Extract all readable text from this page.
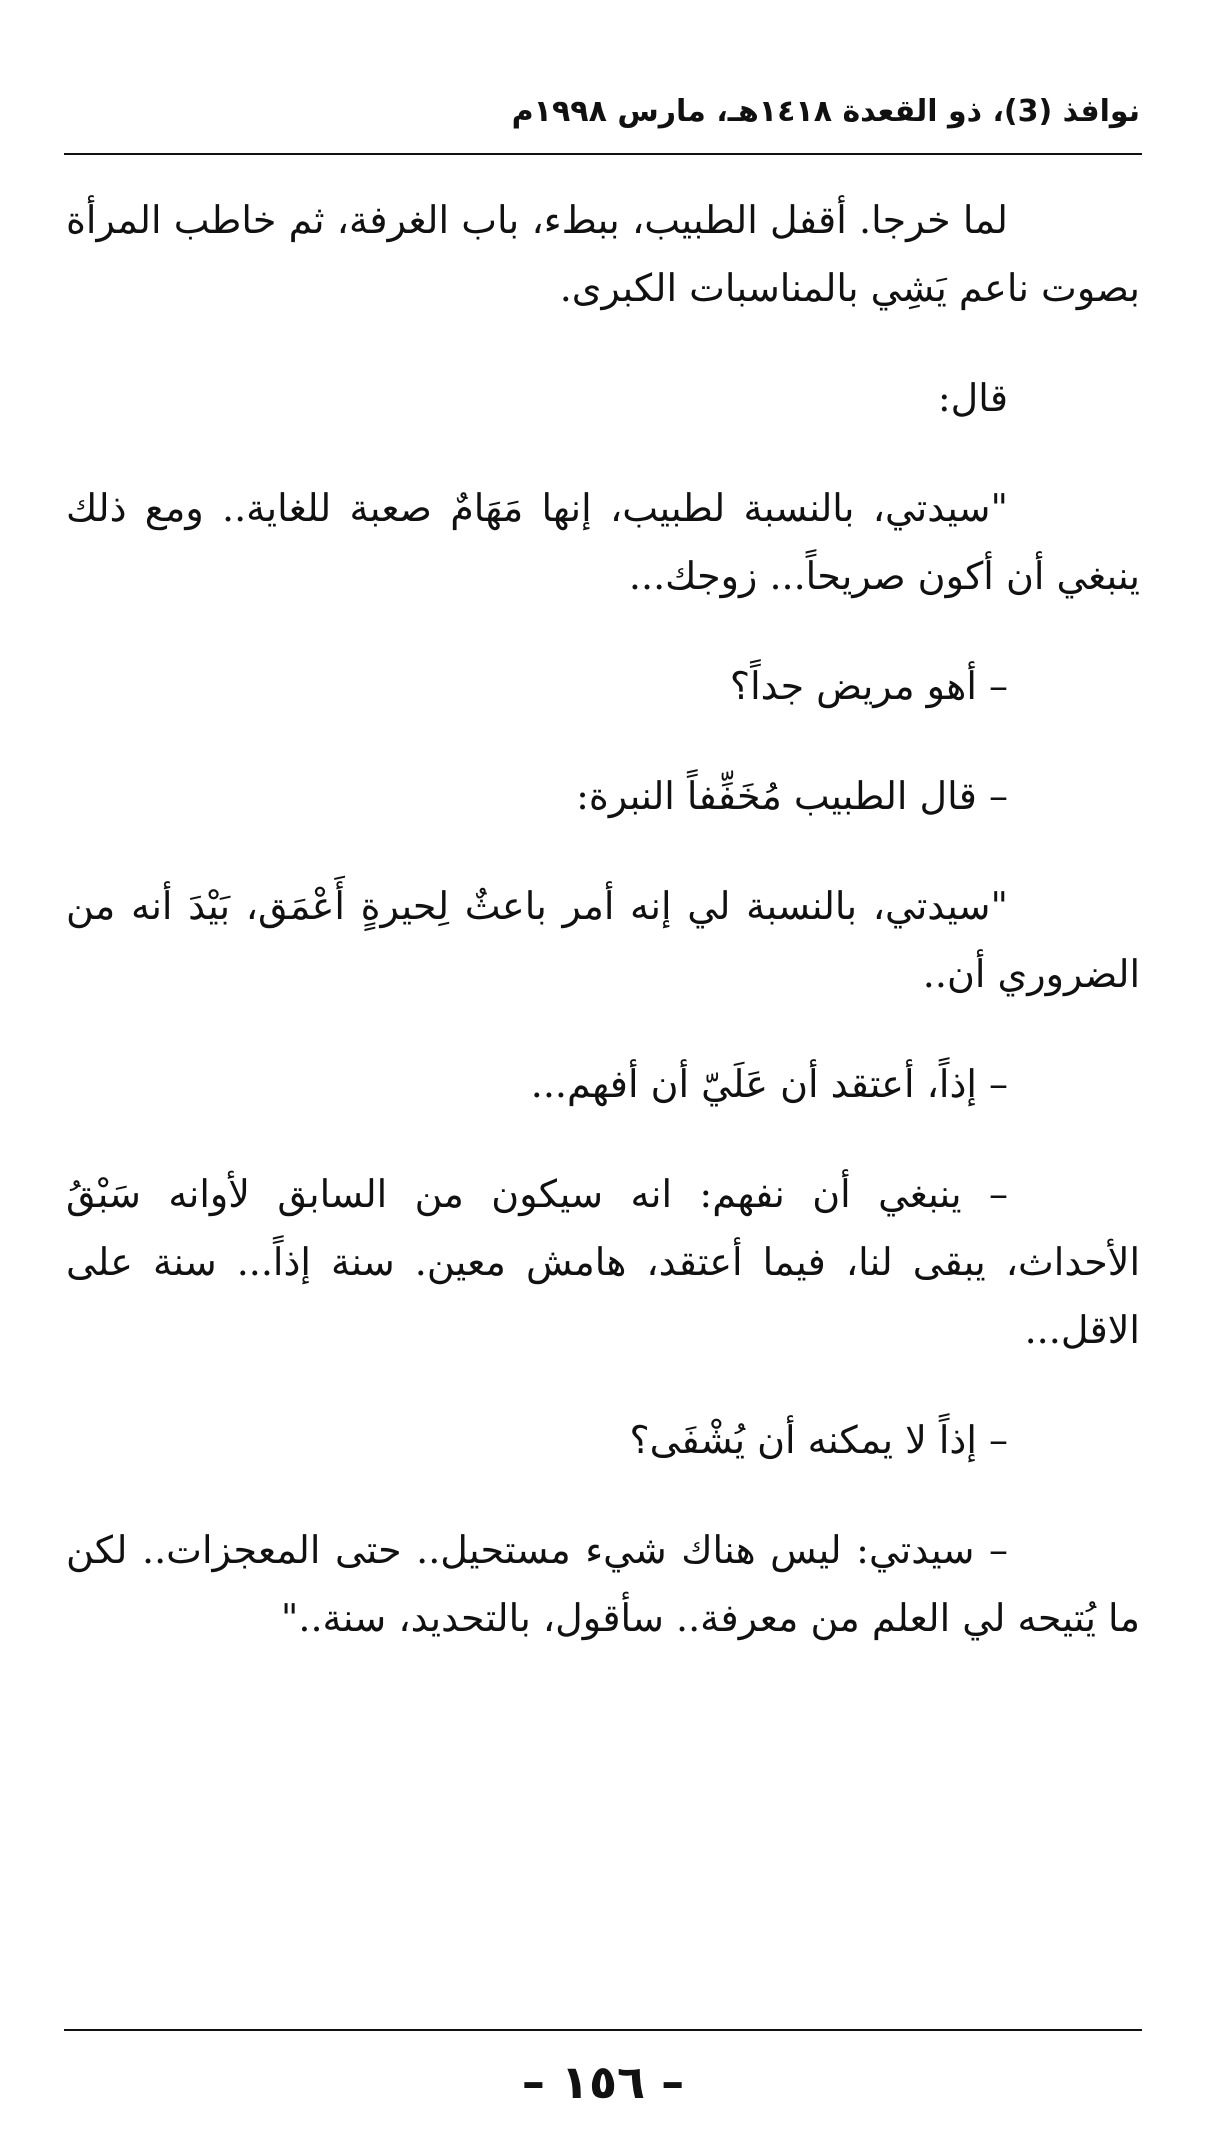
نوافذ (3)، ذو القعدة ١٤١٨هـ، مارس ١٩٩٨م

لما خرجا. أقفل الطبيب، ببطء، باب الغرفة، ثم خاطب المرأة بصوت ناعم يَشِي بالمناسبات الكبرى.

قال:

"سيدتي، بالنسبة لطبيب، إنها مَهَامٌ صعبة للغاية.. ومع ذلك ينبغي أن أكون صريحاً... زوجك...

– أهو مريض جداً؟

– قال الطبيب مُخَفِّفاً النبرة:

"سيدتي، بالنسبة لي إنه أمر باعثٌ لِحيرةٍ أَعْمَق، بَيْدَ أنه من الضروري أن..

– إذاً، أعتقد أن عَلَيّ أن أفهم...

– ينبغي أن نفهم: انه سيكون من السابق لأوانه سَبْقُ الأحداث، يبقى لنا، فيما أعتقد، هامش معين. سنة إذاً... سنة على الاقل...

– إذاً لا يمكنه أن يُشْفَى؟

– سيدتي: ليس هناك شيء مستحيل.. حتى المعجزات.. لكن ما يُتيحه لي العلم من معرفة.. سأقول، بالتحديد، سنة.."

– ١٥٦ –
